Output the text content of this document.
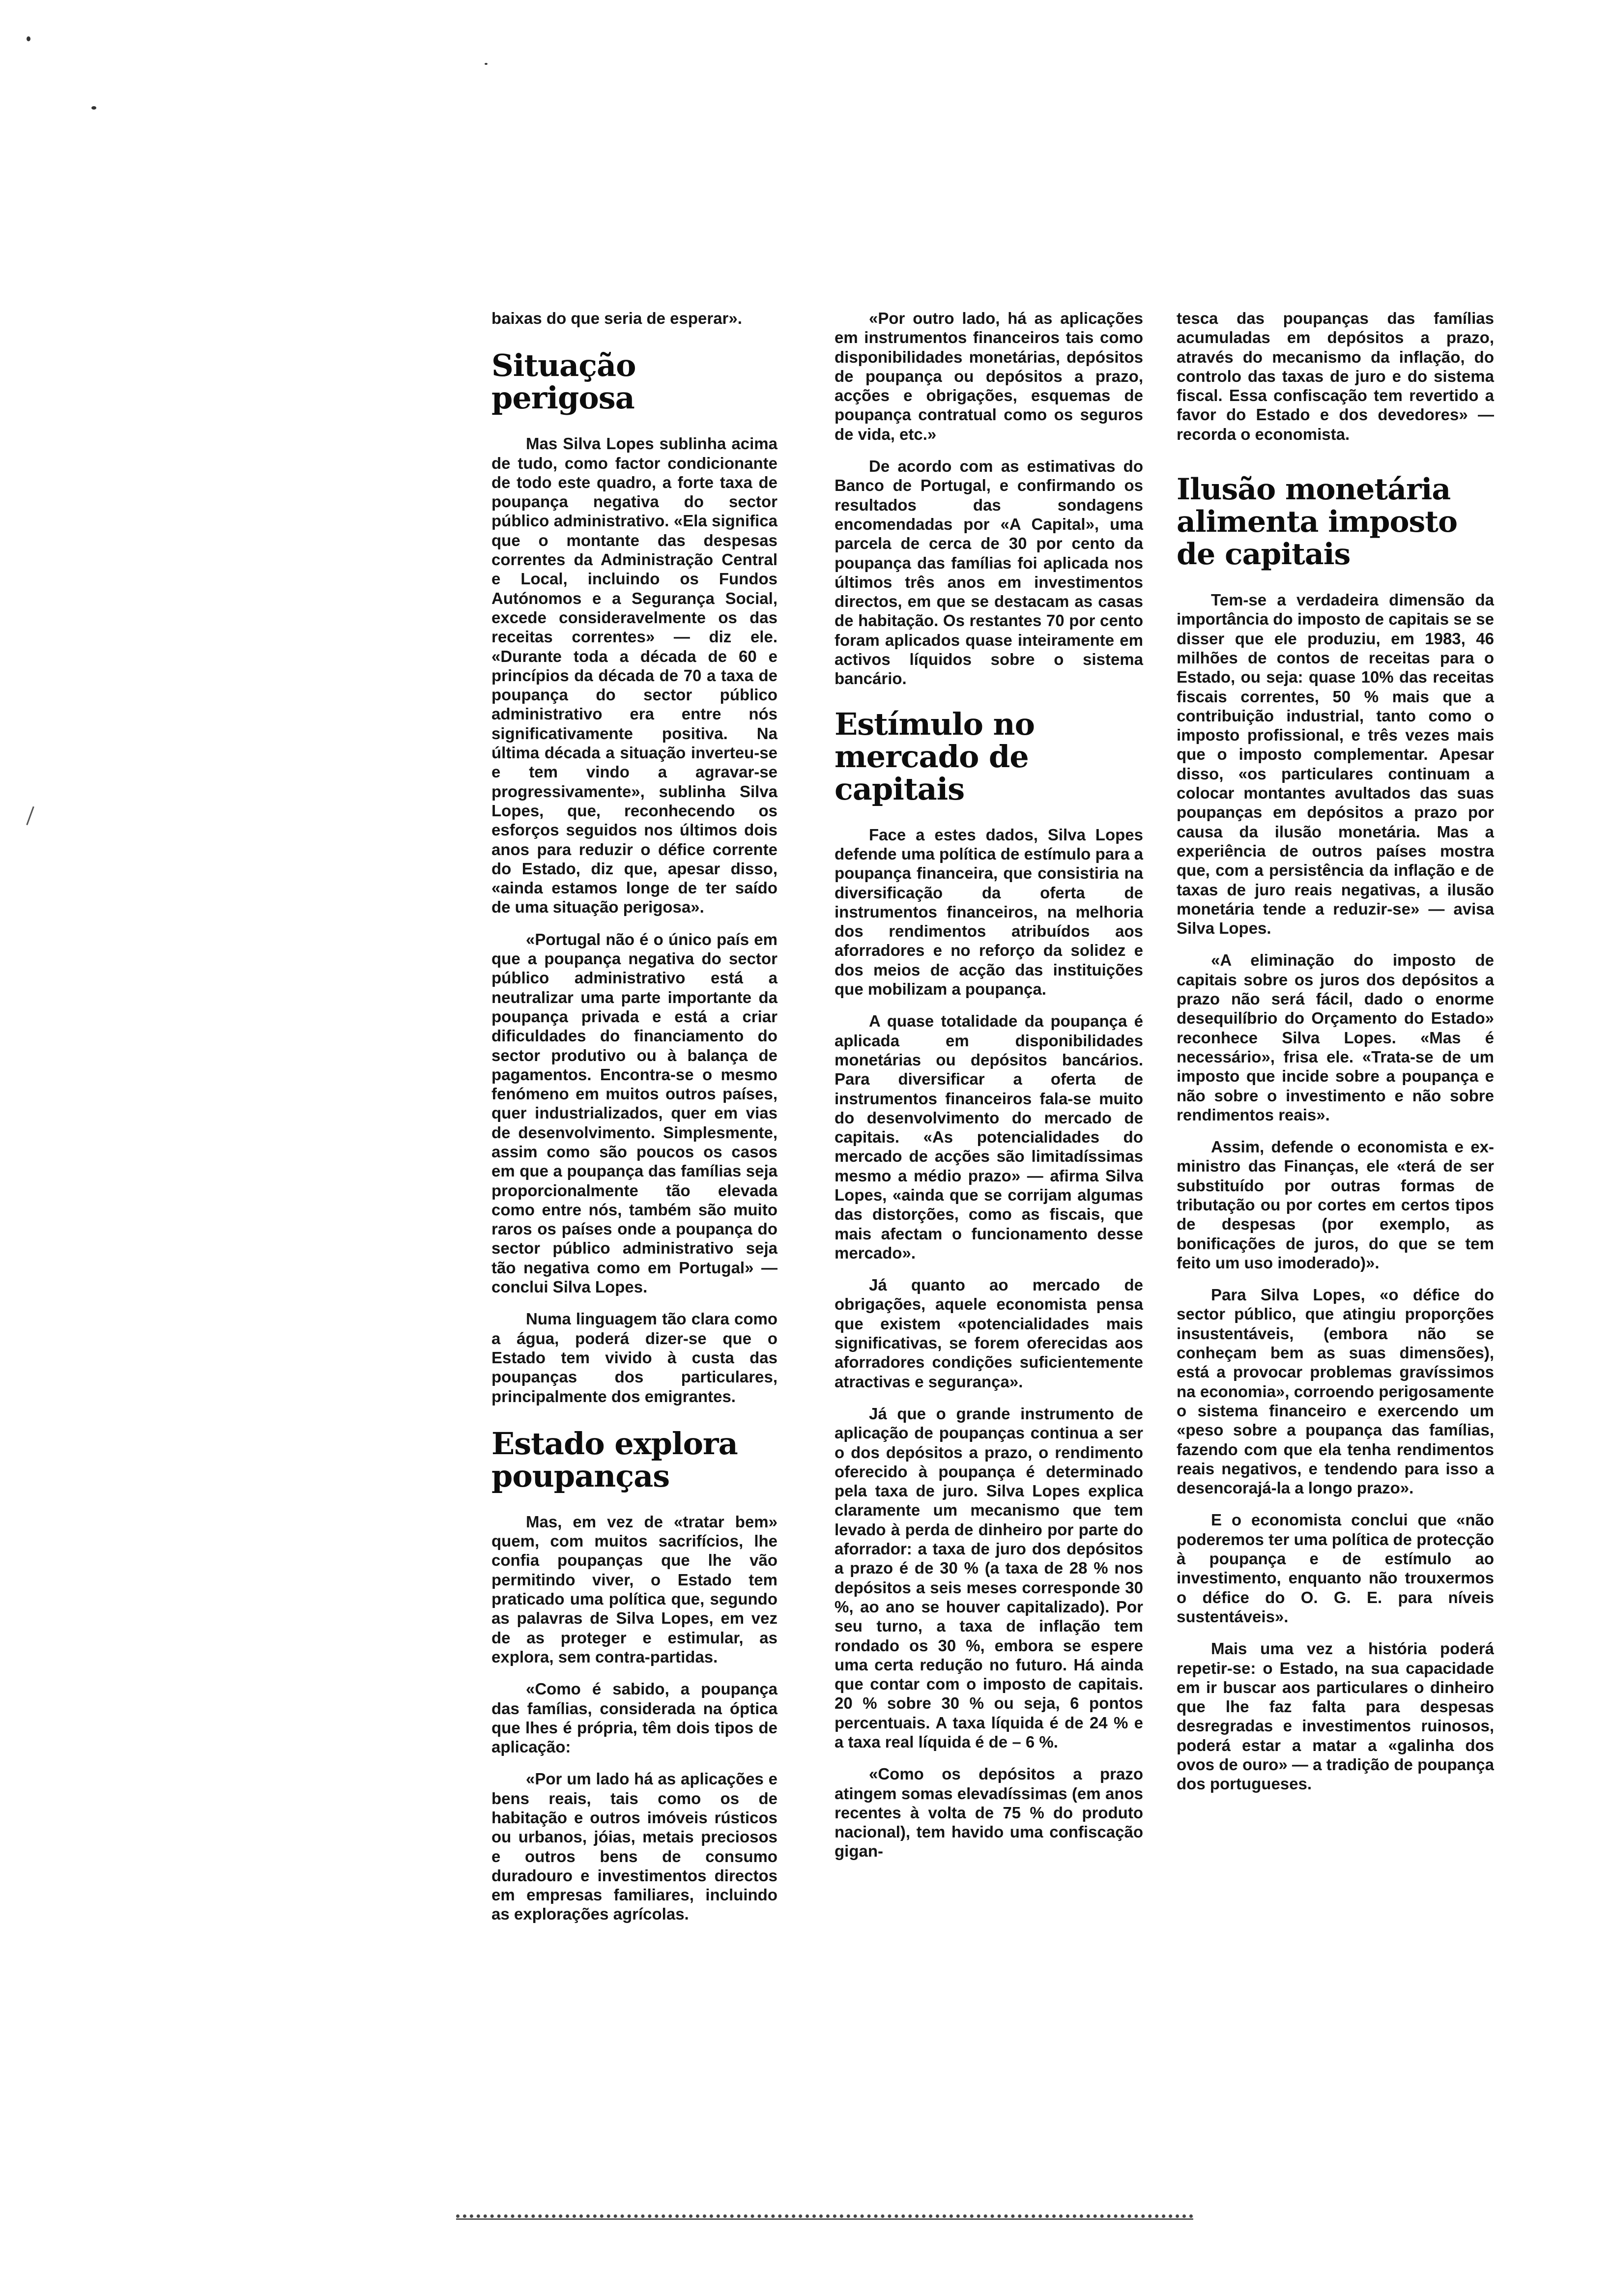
baixas do que seria de esperar».

Situação perigosa

Mas Silva Lopes sublinha acima de tudo, como factor condicionante de todo este quadro, a forte taxa de poupança negativa do sector público administrativo. «Ela significa que o montante das despesas correntes da Administração Central e Local, incluindo os Fundos Autónomos e a Segurança Social, excede consideravelmente os das receitas correntes» — diz ele. «Durante toda a década de 60 e princípios da década de 70 a taxa de poupança do sector público administrativo era entre nós significativamente positiva. Na última década a situação inverteu-se e tem vindo a agravar-se progressivamente», sublinha Silva Lopes, que, reconhecendo os esforços seguidos nos últimos dois anos para reduzir o défice corrente do Estado, diz que, apesar disso, «ainda estamos longe de ter saído de uma situação perigosa».

«Portugal não é o único país em que a poupança negativa do sector público administrativo está a neutralizar uma parte importante da poupança privada e está a criar dificuldades do financiamento do sector produtivo ou à balança de pagamentos. Encontra-se o mesmo fenómeno em muitos outros países, quer industrializados, quer em vias de desenvolvimento. Simplesmente, assim como são poucos os casos em que a poupança das famílias seja proporcionalmente tão elevada como entre nós, também são muito raros os países onde a poupança do sector público administrativo seja tão negativa como em Portugal» — conclui Silva Lopes.

Numa linguagem tão clara como a água, poderá dizer-se que o Estado tem vivido à custa das poupanças dos particulares, principalmente dos emigrantes.

Estado explora poupanças

Mas, em vez de «tratar bem» quem, com muitos sacrifícios, lhe confia poupanças que lhe vão permitindo viver, o Estado tem praticado uma política que, segundo as palavras de Silva Lopes, em vez de as proteger e estimular, as explora, sem contra-partidas.

«Como é sabido, a poupança das famílias, considerada na óptica que lhes é própria, têm dois tipos de aplicação:

«Por um lado há as aplicações e bens reais, tais como os de habitação e outros imóveis rústicos ou urbanos, jóias, metais preciosos e outros bens de consumo duradouro e investimentos directos em empresas familiares, incluindo as explorações agrícolas.

«Por outro lado, há as aplicações em instrumentos financeiros tais como disponibilidades monetárias, depósitos de poupança ou depósitos a prazo, acções e obrigações, esquemas de poupança contratual como os seguros de vida, etc.»

De acordo com as estimativas do Banco de Portugal, e confirmando os resultados das sondagens encomendadas por «A Capital», uma parcela de cerca de 30 por cento da poupança das famílias foi aplicada nos últimos três anos em investimentos directos, em que se destacam as casas de habitação. Os restantes 70 por cento foram aplicados quase inteiramente em activos líquidos sobre o sistema bancário.

Estímulo no mercado de capitais

Face a estes dados, Silva Lopes defende uma política de estímulo para a poupança financeira, que consistiria na diversificação da oferta de instrumentos financeiros, na melhoria dos rendimentos atribuídos aos aforradores e no reforço da solidez e dos meios de acção das instituições que mobilizam a poupança.

A quase totalidade da poupança é aplicada em disponibilidades monetárias ou depósitos bancários. Para diversificar a oferta de instrumentos financeiros fala-se muito do desenvolvimento do mercado de capitais. «As potencialidades do mercado de acções são limitadíssimas mesmo a médio prazo» — afirma Silva Lopes, «ainda que se corrijam algumas das distorções, como as fiscais, que mais afectam o funcionamento desse mercado».

Já quanto ao mercado de obrigações, aquele economista pensa que existem «potencialidades mais significativas, se forem oferecidas aos aforradores condições suficientemente atractivas e segurança».

Já que o grande instrumento de aplicação de poupanças continua a ser o dos depósitos a prazo, o rendimento oferecido à poupança é determinado pela taxa de juro. Silva Lopes explica claramente um mecanismo que tem levado à perda de dinheiro por parte do aforrador: a taxa de juro dos depósitos a prazo é de 30 % (a taxa de 28 % nos depósitos a seis meses corresponde 30 %, ao ano se houver capitalizado). Por seu turno, a taxa de inflação tem rondado os 30 %, embora se espere uma certa redução no futuro. Há ainda que contar com o imposto de capitais. 20 % sobre 30 % ou seja, 6 pontos percentuais. A taxa líquida é de 24 % e a taxa real líquida é de – 6 %.

«Como os depósitos a prazo atingem somas elevadíssimas (em anos recentes à volta de 75 % do produto nacional), tem havido uma confiscação gigan-

tesca das poupanças das famílias acumuladas em depósitos a prazo, através do mecanismo da inflação, do controlo das taxas de juro e do sistema fiscal. Essa confiscação tem revertido a favor do Estado e dos devedores» — recorda o economista.

Ilusão monetária alimenta imposto de capitais

Tem-se a verdadeira dimensão da importância do imposto de capitais se se disser que ele produziu, em 1983, 46 milhões de contos de receitas para o Estado, ou seja: quase 10% das receitas fiscais correntes, 50 % mais que a contribuição industrial, tanto como o imposto profissional, e três vezes mais que o imposto complementar. Apesar disso, «os particulares continuam a colocar montantes avultados das suas poupanças em depósitos a prazo por causa da ilusão monetária. Mas a experiência de outros países mostra que, com a persistência da inflação e de taxas de juro reais negativas, a ilusão monetária tende a reduzir-se» — avisa Silva Lopes.

«A eliminação do imposto de capitais sobre os juros dos depósitos a prazo não será fácil, dado o enorme desequilíbrio do Orçamento do Estado» reconhece Silva Lopes. «Mas é necessário», frisa ele. «Trata-se de um imposto que incide sobre a poupança e não sobre o investimento e não sobre rendimentos reais».

Assim, defende o economista e ex-ministro das Finanças, ele «terá de ser substituído por outras formas de tributação ou por cortes em certos tipos de despesas (por exemplo, as bonificações de juros, do que se tem feito um uso imoderado)».

Para Silva Lopes, «o défice do sector público, que atingiu proporções insustentáveis, (embora não se conheçam bem as suas dimensões), está a provocar problemas gravíssimos na economia», corroendo perigosamente o sistema financeiro e exercendo um «peso sobre a poupança das famílias, fazendo com que ela tenha rendimentos reais negativos, e tendendo para isso a desencorajá-la a longo prazo».

E o economista conclui que «não poderemos ter uma política de protecção à poupança e de estímulo ao investimento, enquanto não trouxermos o défice do O. G. E. para níveis sustentáveis».

Mais uma vez a história poderá repetir-se: o Estado, na sua capacidade em ir buscar aos particulares o dinheiro que lhe faz falta para despesas desregradas e investimentos ruinosos, poderá estar a matar a «galinha dos ovos de ouro» — a tradição de poupança dos portugueses.
